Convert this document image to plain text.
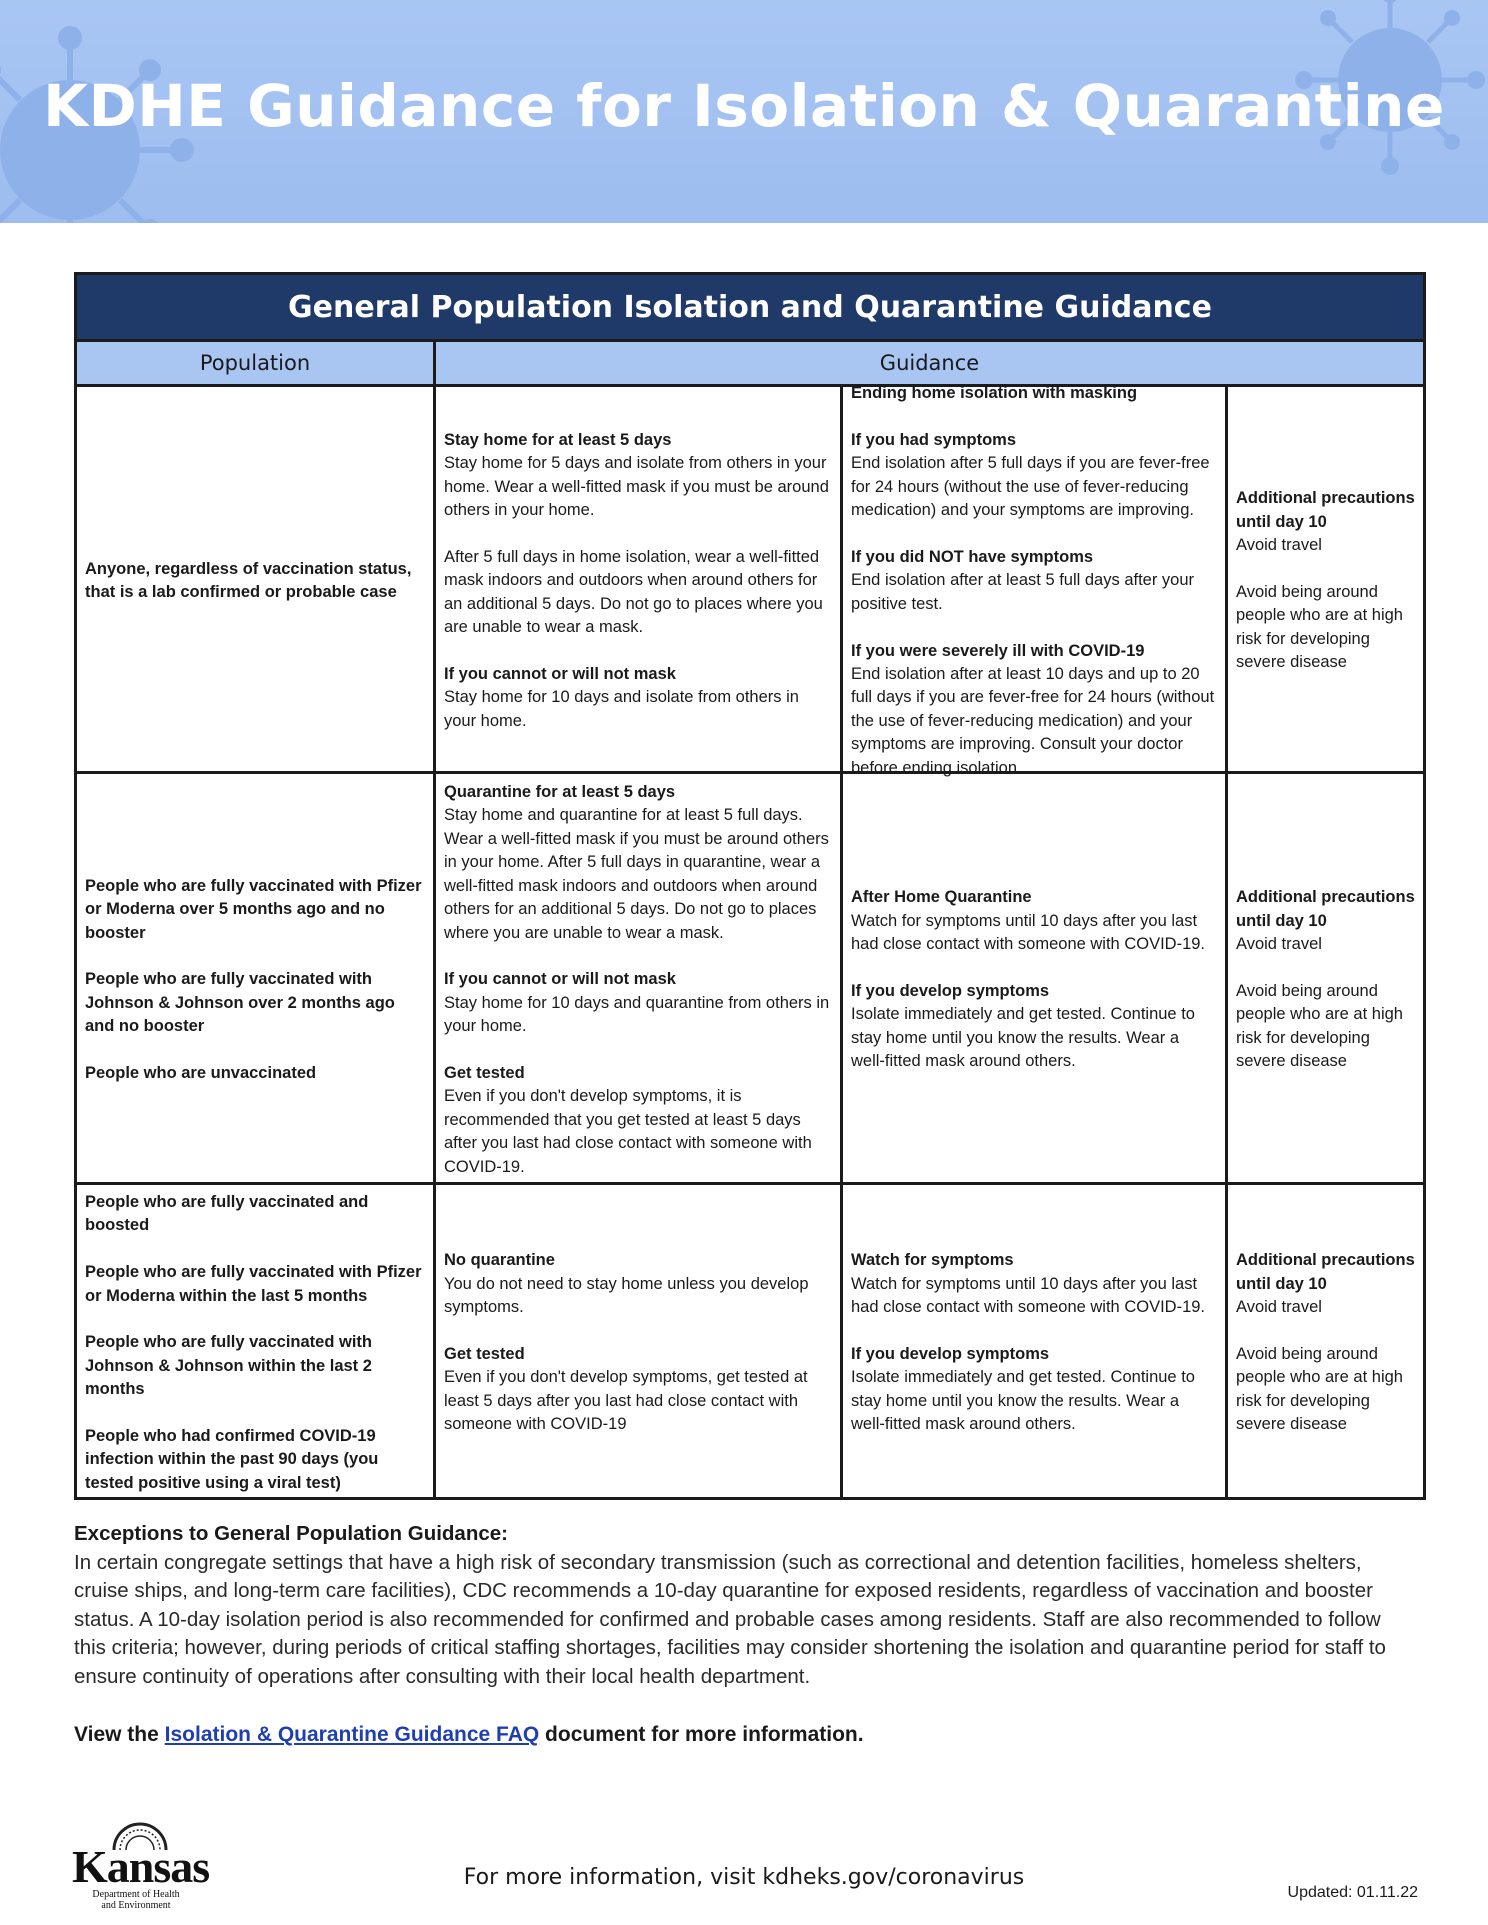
KDHE Guidance for Isolation & Quarantine
General Population Isolation and Quarantine Guidance
Population	Guidance
Anyone, regardless of vaccination status, that is a lab confirmed or probable case
Stay home for at least 5 days
Stay home for 5 days and isolate from others in your home. Wear a well-fitted mask if you must be around others in your home.
After 5 full days in home isolation, wear a well-fitted mask indoors and outdoors when around others for an additional 5 days. Do not go to places where you are unable to wear a mask.
If you cannot or will not mask
Stay home for 10 days and isolate from others in your home.
Ending home isolation with masking
If you had symptoms
End isolation after 5 full days if you are fever-free for 24 hours (without the use of fever-reducing medication) and your symptoms are improving.
If you did NOT have symptoms
End isolation after at least 5 full days after your positive test.
If you were severely ill with COVID-19
End isolation after at least 10 days and up to 20 full days if you are fever-free for 24 hours (without the use of fever-reducing medication) and your symptoms are improving. Consult your doctor before ending isolation.
Additional precautions until day 10
Avoid travel
Avoid being around people who are at high risk for developing severe disease
People who are fully vaccinated with Pfizer or Moderna over 5 months ago and no booster
People who are fully vaccinated with Johnson & Johnson over 2 months ago and no booster
People who are unvaccinated
Quarantine for at least 5 days
Stay home and quarantine for at least 5 full days. Wear a well-fitted mask if you must be around others in your home. After 5 full days in quarantine, wear a well-fitted mask indoors and outdoors when around others for an additional 5 days. Do not go to places where you are unable to wear a mask.
If you cannot or will not mask
Stay home for 10 days and quarantine from others in your home.
Get tested
Even if you don't develop symptoms, it is recommended that you get tested at least 5 days after you last had close contact with someone with COVID-19.
After Home Quarantine
Watch for symptoms until 10 days after you last had close contact with someone with COVID-19.
If you develop symptoms
Isolate immediately and get tested. Continue to stay home until you know the results. Wear a well-fitted mask around others.
Additional precautions until day 10
Avoid travel
Avoid being around people who are at high risk for developing severe disease
People who are fully vaccinated and boosted
People who are fully vaccinated with Pfizer or Moderna within the last 5 months
People who are fully vaccinated with Johnson & Johnson within the last 2 months
People who had confirmed COVID-19 infection within the past 90 days (you tested positive using a viral test)
No quarantine
You do not need to stay home unless you develop symptoms.
Get tested
Even if you don't develop symptoms, get tested at least 5 days after you last had close contact with someone with COVID-19
Watch for symptoms
Watch for symptoms until 10 days after you last had close contact with someone with COVID-19.
If you develop symptoms
Isolate immediately and get tested. Continue to stay home until you know the results. Wear a well-fitted mask around others.
Additional precautions until day 10
Avoid travel
Avoid being around people who are at high risk for developing severe disease
Exceptions to General Population Guidance:
In certain congregate settings that have a high risk of secondary transmission (such as correctional and detention facilities, homeless shelters, cruise ships, and long-term care facilities), CDC recommends a 10-day quarantine for exposed residents, regardless of vaccination and booster status. A 10-day isolation period is also recommended for confirmed and probable cases among residents. Staff are also recommended to follow this criteria; however, during periods of critical staffing shortages, facilities may consider shortening the isolation and quarantine period for staff to ensure continuity of operations after consulting with their local health department.
View the Isolation & Quarantine Guidance FAQ document for more information.
Kansas
Department of Health and Environment
For more information, visit kdheks.gov/coronavirus
Updated: 01.11.22
